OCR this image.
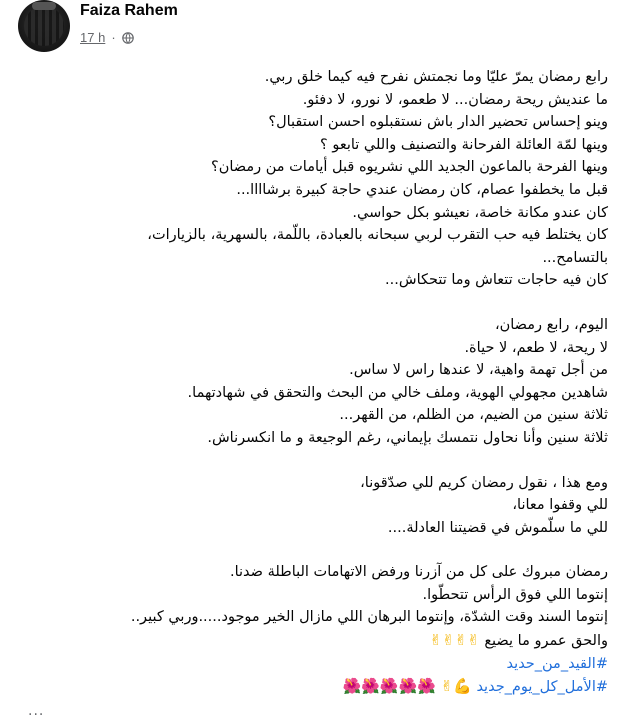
Faiza Rahem
17 h ·
رابع رمضان يمرّ عليّا وما نجمتش نفرح فيه كيما خلق ربي.
ما عنديش ريحة رمضان... لا طعمو، لا نورو، لا دفئو.
وينو إحساس تحضير الدار باش نستقبلوه احسن استقبال؟
وينها لمّة العائلة الفرحانة والتصنيف واللي تابعو ؟
وينها الفرحة بالماعون الجديد اللي نشريوه قبل أيامات من رمضان؟
قبل ما يخطفوا عصام، كان رمضان عندي حاجة كبيرة برشاااا...
كان عندو مكانة خاصة، نعيشو بكل حواسي.
كان يختلط فيه حب التقرب لربي سبحانه بالعبادة، باللّمة، بالسهرية، بالزيارات،
بالتسامح...
كان فيه حاجات تتعاش وما تتحكاش...
اليوم، رابع رمضان،
لا ريحة، لا طعم، لا حياة.
من أجل تهمة واهية، لا عندها راس لا ساس.
شاهدين مجهولي الهوية، وملف خالي من البحث والتحقق في شهادتهما.
ثلاثة سنين من الضيم، من الظلم، من القهر...
ثلاثة سنين وأنا نحاول نتمسك بإيماني، رغم الوجيعة و ما انكسرناش.
ومع هذا ، نقول رمضان كريم للي صدّقونا،
للي وقفوا معانا،
للي ما سلّموش في قضيتنا العادلة....
رمضان مبروك على كل من آزرنا ورفض الاتهامات الباطلة ضدنا.
إنتوما اللي فوق الرأس تتحطّوا.
إنتوما السند وقت الشدّة، وإنتوما البرهان اللي مازال الخير موجود.....وربي كبير..
والحق عمرو ما يضيع ✌✌✌✌
#القيد_من_حديد
#الأمل_كل_يوم_جديد 💪✌ 🌺🌺🌺🌺🌺
...
